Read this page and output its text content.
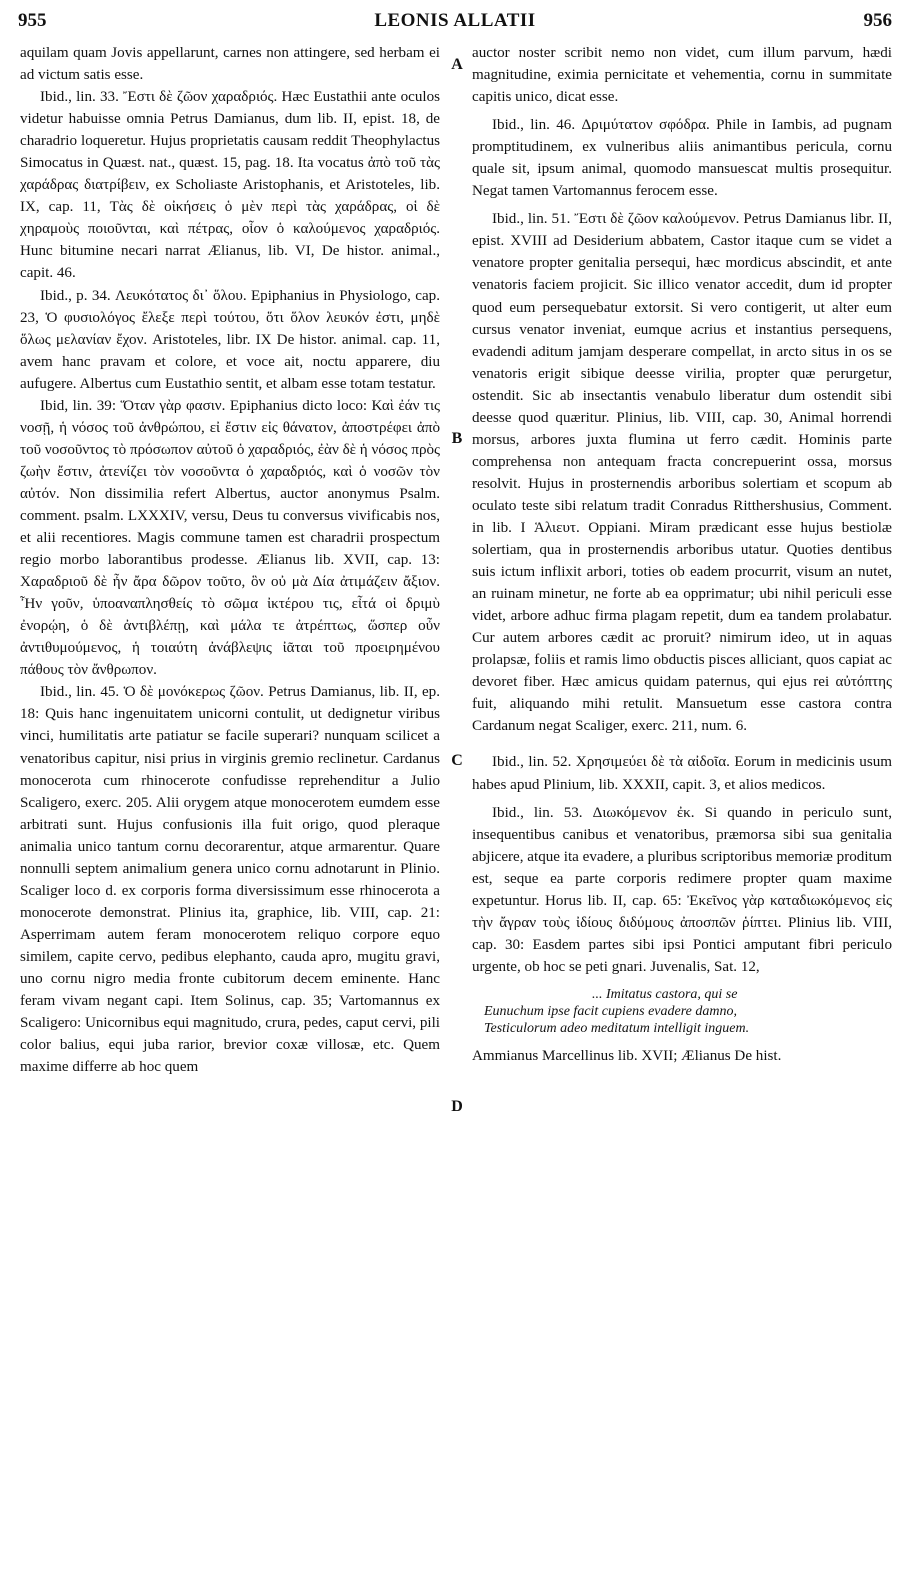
955	LEONIS ALLATII	956
A
B
C
D

aquilam quam Jovis appellarunt, carnes non attingere, sed herbam ei ad victum satis esse.

Ibid., lin. 33. Ἔστι δὲ ζῶον χαραδριός. Hæc Eustathii ante oculos videtur habuisse omnia Petrus Damianus, dum lib. II, epist. 18, de charadrio loqueretur. Hujus proprietatis causam reddit Theophylactus Simocatus in Quæst. nat., quæst. 15, pag. 18. Ita vocatus ἀπὸ τοῦ τὰς χαράδρας διατρίβειν, ex Scholiaste Aristophanis, et Aristoteles, lib. IX, cap. 11, Τὰς δὲ οἰκήσεις ὁ μὲν περὶ τὰς χαράδρας, οἱ δὲ χηραμοὺς ποιοῦνται, καὶ πέτρας, οἷον ὁ καλούμενος χαραδριός. Hunc bitumine necari narrat Ælianus, lib. VI, De histor. animal., capit. 46.

Ibid., p. 34. Λευκότατος δι᾽ ὅλου. Epiphanius in Physiologo, cap. 23, Ὁ φυσιολόγος ἔλεξε περὶ τούτου, ὅτι ὅλον λευκόν ἐστι, μηδὲ ὅλως μελανίαν ἔχον. Aristoteles, libr. IX De histor. animal. cap. 11, avem hanc pravam et colore, et voce ait, noctu apparere, diu aufugere. Albertus cum Eustathio sentit, et albam esse totam testatur.

Ibid, lin. 39: Ὅταν γὰρ φασιν. Epiphanius dicto loco: Καὶ ἐάν τις νοσῇ, ἡ νόσος τοῦ ἀνθρώπου, εἰ ἔστιν εἰς θάνατον, ἀποστρέφει ἀπὸ τοῦ νοσοῦντος τὸ πρόσωπον αὐτοῦ ὁ χαραδριός, ἐὰν δὲ ἡ νόσος πρὸς ζωὴν ἔστιν, ἀτενίζει τὸν νοσοῦντα ὁ χαραδριός, καὶ ὁ νοσῶν τὸν αὐτόν. Non dissimilia refert Albertus, auctor anonymus Psalm. comment. psalm. LXXXIV, versu, Deus tu conversus vivificabis nos, et alii recentiores. Magis commune tamen est charadrii prospectum regio morbo laborantibus prodesse. Ælianus lib. XVII, cap. 13: Χαραδριοῦ δὲ ἦν ἄρα δῶρον τοῦτο, ὃν οὐ μὰ Δία ἀτιμάζειν ἄξιον. Ἦν γοῦν, ὑποαναπλησθείς τὸ σῶμα ἰκτέρου τις, εἶτά οἱ δριμὺ ἐνορῴη, ὁ δὲ ἀντιβλέπῃ, καὶ μάλα τε ἀτρέπτως, ὥσπερ οὖν ἀντιθυμούμενος, ἡ τοιαύτη ἀνάβλεψις ἰᾶται τοῦ προειρημένου πάθους τὸν ἄνθρωπον.

Ibid., lin. 45. Ὁ δὲ μονόκερως ζῶον. Petrus Damianus, lib. II, ep. 18: Quis hanc ingenuitatem unicorni contulit, ut dedignetur viribus vinci, humilitatis arte patiatur se facile superari? nunquam scilicet a venatoribus capitur, nisi prius in virginis gremio reclinetur. Cardanus monocerota cum rhinocerote confudisse reprehenditur a Julio Scaligero, exerc. 205. Alii orygem atque monocerotem eumdem esse arbitrati sunt. Hujus confusionis illa fuit origo, quod pleraque animalia unico tantum cornu decorarentur, atque armarentur. Quare nonnulli septem animalium genera unico cornu adnotarunt in Plinio. Scaliger loco d. ex corporis forma diversissimum esse rhinocerota a monocerote demonstrat. Plinius ita, graphice, lib. VIII, cap. 21: Asperrimam autem feram monocerotem reliquo corpore equo similem, capite cervo, pedibus elephanto, cauda apro, mugitu gravi, uno cornu nigro media fronte cubitorum decem eminente. Hanc feram vivam negant capi. Item Solinus, cap. 35; Vartomannus ex Scaligero: Unicornibus equi magnitudo, crura, pedes, caput cervi, pili color balius, equi juba rarior, brevior coxæ villosæ, etc. Quem maxime differre ab hoc quem

auctor noster scribit nemo non videt, cum illum parvum, hædi magnitudine, eximia pernicitate et vehementia, cornu in summitate capitis unico, dicat esse.

Ibid., lin. 46. Δριμύτατον σφόδρα. Phile in Iambis, ad pugnam promptitudinem, ex vulneribus aliis animantibus pericula, cornu quale sit, ipsum animal, quomodo mansuescat multis prosequitur. Negat tamen Vartomannus ferocem esse.

Ibid., lin. 51. Ἔστι δὲ ζῶον καλούμενον. Petrus Damianus libr. II, epist. XVIII ad Desiderium abbatem, Castor itaque cum se videt a venatore propter genitalia persequi, hæc mordicus abscindit, et ante venatoris faciem projicit. Sic illico venator accedit, dum id propter quod eum persequebatur extorsit. Si vero contigerit, ut alter eum cursus venator inveniat, eumque acrius et instantius persequens, evadendi aditum jamjam desperare compellat, in arcto situs in os se venatoris erigit sibique deesse virilia, propter quæ perurgetur, ostendit. Sic ab insectantis venabulo liberatur dum ostendit sibi deesse quod quæritur. Plinius, lib. VIII, cap. 30, Animal horrendi morsus, arbores juxta flumina ut ferro cædit. Hominis parte comprehensa non antequam fracta concrepuerint ossa, morsus resolvit. Hujus in prosternendis arboribus solertiam et scopum ab oculato teste sibi relatum tradit Conradus Ritthershusius, Comment. in lib. I Ἁλιευτ. Oppiani. Miram prædicant esse hujus bestiolæ solertiam, qua in prosternendis arboribus utatur. Quoties dentibus suis ictum inflixit arbori, toties ob eadem procurrit, visum an nutet, an ruinam minetur, ne forte ab ea opprimatur; ubi nihil periculi esse videt, arbore adhuc firma plagam repetit, dum ea tandem prolabatur. Cur autem arbores cædit ac proruit? nimirum ideo, ut in aquas prolapsæ, foliis et ramis limo obductis pisces alliciant, quos capiat ac devoret fiber. Hæc amicus quidam paternus, qui ejus rei αὐτόπτης fuit, aliquando mihi retulit. Mansuetum esse castora contra Cardanum negat Scaliger, exerc. 211, num. 6.

Ibid., lin. 52. Χρησιμεύει δὲ τὰ αἰδοῖα. Eorum in medicinis usum habes apud Plinium, lib. XXXII, capit. 3, et alios medicos.

Ibid., lin. 53. Διωκόμενον ἐκ. Si quando in periculo sunt, insequentibus canibus et venatoribus, præmorsa sibi sua genitalia abjicere, atque ita evadere, a pluribus scriptoribus memoriæ proditum est, seque ea parte corporis redimere propter quam maxime expetuntur. Horus lib. II, cap. 65: Ἐκεῖνος γὰρ καταδιωκόμενος εἰς τὴν ἄγραν τοὺς ἰδίους διδύμους ἀποσπῶν ῥίπτει. Plinius lib. VIII, cap. 30: Easdem partes sibi ipsi Pontici amputant fibri periculo urgente, ob hoc se peti gnari. Juvenalis, Sat. 12,

... Imitatus castora, qui se

Eunuchum ipse facit cupiens evadere damno,

Testiculorum adeo meditatum intelligit inguem.

Ammianus Marcellinus lib. XVII; Ælianus De hist.
